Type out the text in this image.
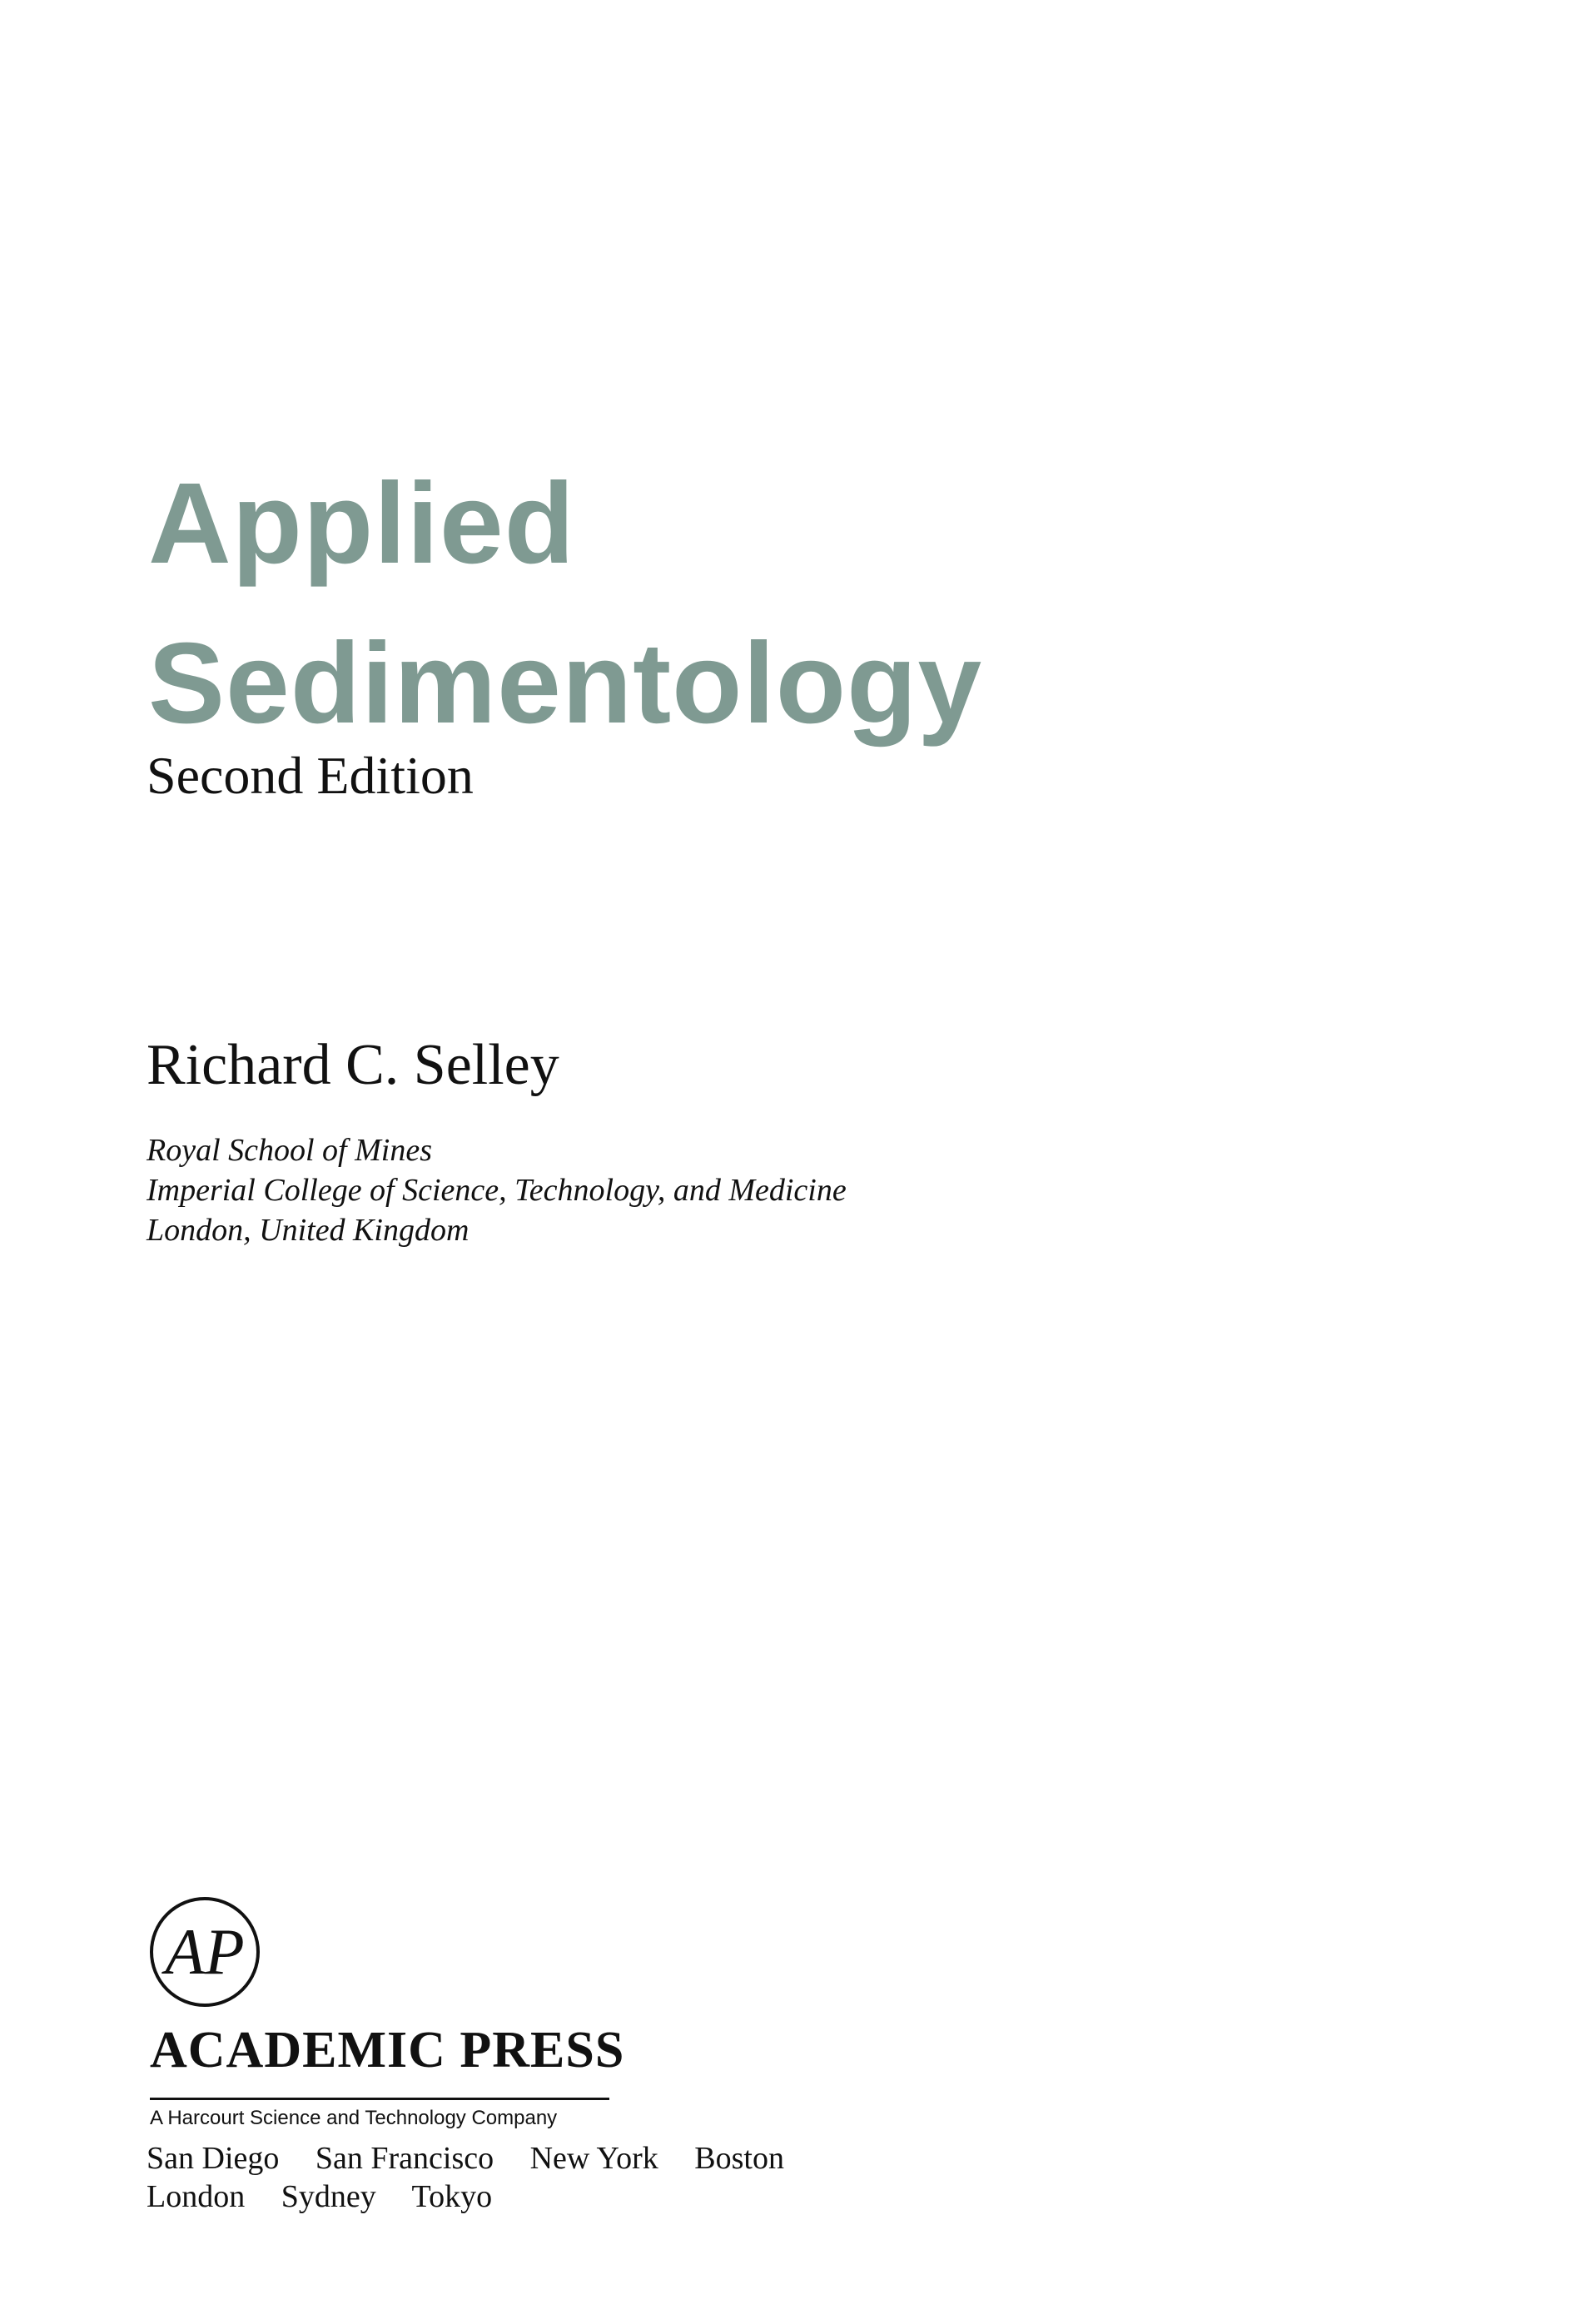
Applied
Sedimentology
Second Edition
Richard C. Selley
Royal School of Mines
Imperial College of Science, Technology, and Medicine
London, United Kingdom
AP
ACADEMIC PRESS
A Harcourt Science and Technology Company
San Diego San Francisco New York Boston
London Sydney Tokyo
